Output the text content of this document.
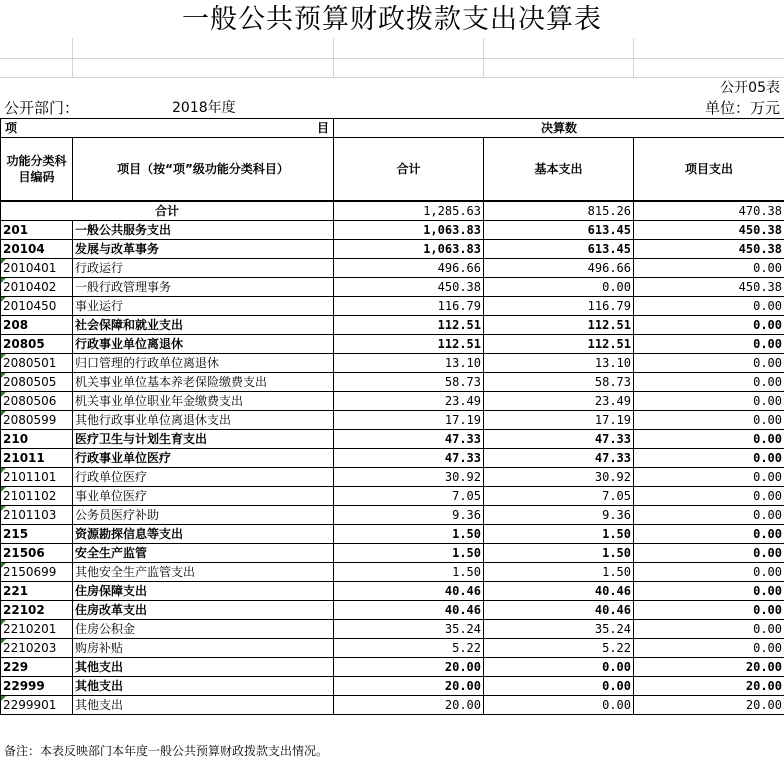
一般公共预算财政拨款支出决算表
公开05表
公开部门：	2018年度	单位：万元
项 目		决算数		
功能分类科目编码	项目（按“项”级功能分类科目）	合计	基本支出	项目支出
合计		1,285.63	815.26	470.38
201	一般公共服务支出	1,063.83	613.45	450.38
20104	发展与改革事务	1,063.83	613.45	450.38
2010401	行政运行	496.66	496.66	0.00
2010402	一般行政管理事务	450.38	0.00	450.38
2010450	事业运行	116.79	116.79	0.00
208	社会保障和就业支出	112.51	112.51	0.00
20805	行政事业单位离退休	112.51	112.51	0.00
2080501	归口管理的行政单位离退休	13.10	13.10	0.00
2080505	机关事业单位基本养老保险缴费支出	58.73	58.73	0.00
2080506	机关事业单位职业年金缴费支出	23.49	23.49	0.00
2080599	其他行政事业单位离退休支出	17.19	17.19	0.00
210	医疗卫生与计划生育支出	47.33	47.33	0.00
21011	行政事业单位医疗	47.33	47.33	0.00
2101101	行政单位医疗	30.92	30.92	0.00
2101102	事业单位医疗	7.05	7.05	0.00
2101103	公务员医疗补助	9.36	9.36	0.00
215	资源勘探信息等支出	1.50	1.50	0.00
21506	安全生产监管	1.50	1.50	0.00
2150699	其他安全生产监管支出	1.50	1.50	0.00
221	住房保障支出	40.46	40.46	0.00
22102	住房改革支出	40.46	40.46	0.00
2210201	住房公积金	35.24	35.24	0.00
2210203	购房补贴	5.22	5.22	0.00
229	其他支出	20.00	0.00	20.00
22999	其他支出	20.00	0.00	20.00
2299901	其他支出	20.00	0.00	20.00
备注：本表反映部门本年度一般公共预算财政拨款支出情况。
